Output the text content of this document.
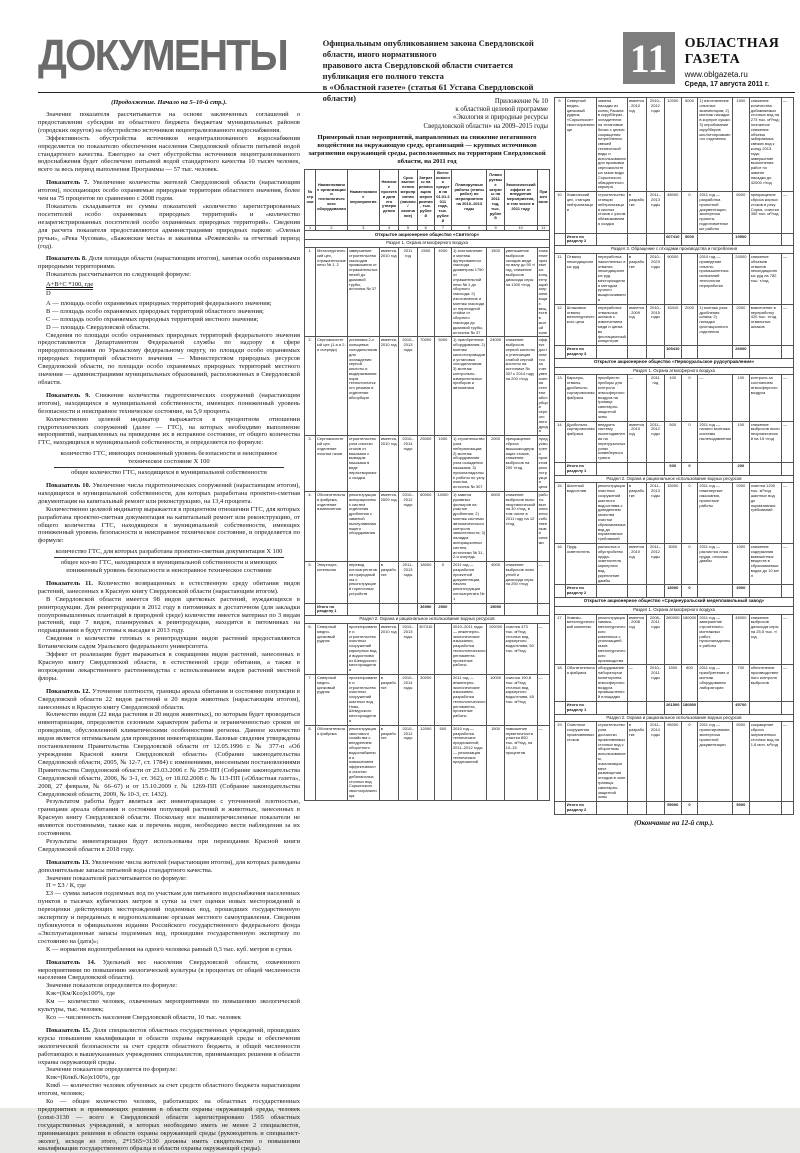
ДОКУМЕНТЫ	Официальным опубликованием закона Свердловской области, иного нормативного
правового акта Свердловской области считается публикация его полного текста
в «Областной газете» (статья 61 Устава Свердловской области)
11	ОБЛАСТНАЯ ГАЗЕТА
www.oblgazeta.ru
Среда, 17 августа 2011 г.
(Продолжение. Начало на 5–10-й стр.).

Значение показателя рассчитывается на основе заключенных соглашений о предоставлении субсидии из областного бюджета бюджетам муниципальных районов (городских округов) на обустройство источников нецентрализованного водоснабжения.

Эффективность обустройства источников нецентрализованного водоснабжения определяется по показателю обеспечения населения Свердловской области питьевой водой стандартного качества. Ежегодно за счет обустройства источников нецентрализованного водоснабжения будет обеспечено питьевой водой стандартного качества 10 тысяч человек, всего за весь период выполнения Программы — 57 тыс. человек.

Показатель 7. Увеличение количества жителей Свердловской области (нарастающим итогом), посещающих особо охраняемые природные территории областного значения, более чем на 75 процентов по сравнению с 2008 годом.

Показатель складывается из суммы показателей «количество зарегистрированных посетителей особо охраняемых природных территорий» и «количество незарегистрированных посетителей особо охраняемых природных территорий». Сведения для расчета показателя предоставляются администрациями природных парков: «Оленьи ручьи», «Река Чусовая», «Бажовские места» и заказника «Режевской» за отчетный период (год).

Показатель 8. Доля площади области (нарастающим итогом), занятая особо охраняемыми природными территориями.

Показатель рассчитывается по следующей формуле:

А+В+С *100, где
D

А — площадь особо охраняемых природных территорий федерального значения;

В — площадь особо охраняемых природных территорий областного значения;

С — площадь особо охраняемых природных территорий местного значения;

D — площадь Свердловской области.

Сведения по площади особо охраняемых природных территорий федерального значения предоставляются Департаментом Федеральной службы по надзору в сфере природопользования по Уральскому федеральному округу, по площади особо охраняемых природных территорий областного значения — Министерством природных ресурсов Свердловской области, по площади особо охраняемых природных территорий местного значения — администрациями муниципальных образований, расположенных в Свердловской области.

Показатель 9. Снижение количества гидротехнических сооружений (нарастающим итогом), находящихся в муниципальной собственности, имеющих пониженный уровень безопасности и неисправное техническое состояние, на 5,9 процента.

Количественно целевой индикатор выражается в процентном отношении гидротехнических сооружений (далее — ГТС), на которых необходимо выполнение мероприятий, направленных на приведение их в исправное состояние, от общего количества ГТС, находящихся в муниципальной собственности, и определяется по формуле:

количество ГТС, имеющих пониженный уровень безопасности и неисправное техническое состояние Х 100
общее количество ГТС, находящихся в муниципальной собственности

Показатель 10. Увеличение числа гидротехнических сооружений (нарастающим итогом), находящихся в муниципальной собственности, для которых разработана проектно-сметная документация на капитальный ремонт или реконструкцию, на 13,4 процента.

Количественно целевой индикатор выражается в процентном отношении ГТС, для которых разработана проектно-сметная документация на капитальный ремонт или реконструкцию, от общего количества ГТС, находящихся в муниципальной собственности, имеющих пониженный уровень безопасности и неисправное техническое состояние, и определяется по формуле:

количество ГТС, для которых разработана проектно-сметная документация Х 100
общее кол-во ГТС, находящихся в муниципальной собственности и имеющих пониженный уровень безопасности и неисправное техническое состояние

Показатель 11. Количество возвращенных в естественную среду обитания видов растений, занесенных в Красную книгу Свердловской области (нарастающим итогом).

В Свердловской области имеется 98 видов цветковых растений, нуждающихся в реинтродукции. Для реинтродукции в 2012 году в питомниках в достаточном (для закладки полупромышленных плантаций в природной среде) количестве имеется материал по 3 видам растений, еще 7 видов, планируемых к реинтродукции, находятся в питомниках на подращивании и будут готовы к высадке в 2013 году.

Сведения о количестве готовых к реинтродукции видов растений предоставляются Ботаническим садом Уральского федерального университета.

Эффект от реализации будет выражаться в сокращении видов растений, занесенных в Красную книгу Свердловской области, в естественной среде обитания, а также в возрождении лекарственного растениеводства с использованием видов растений местной флоры.

Показатель 12. Уточнение плотности, границы ареала обитания и состояние популяции в Свердловской области 22 видов растений и 20 видов животных (нарастающим итогом), занесенных в Красную книгу Свердловской области.

Количество видов (22 вида растения и 20 видов животных), по которым будет проводиться инвентаризация, определяется сезонным характером работы и ограниченностью сроков ее проведения, обусловленной климатическими особенностями региона. Данное количество видов является оптимальным для проведения инвентаризации. Базовые сведения утверждены постановлением Правительства Свердловской области от 12.05.1996 г. № 377-п «Об учреждении Красной книги Свердловской области» (Собрание законодательства Свердловской области, 2005, № 12-7, ст. 1784) с изменениями, внесенными постановлениями Правительства Свердловской области от 23.03.2006 г. № 259-ПП (Собрание законодательства Свердловской области, 2006, № 3-1, ст. 362), от 18.02.2008 г. № 113-ПП («Областная газета», 2008, 27 февраля, № 66–67) и от 15.10.2009 г. № 1269-ПП (Собрание законодательства Свердловской области, 2009, № 10-3, ст. 1432).

Результатом работы будет являться акт инвентаризации с уточненной плотностью, границами ареала обитания и состояния популяций растений и животных, занесенных в Красную книгу Свердловской области. Поскольку все вышеперечисленные показатели не являются постоянными, также как и перечень видов, необходимо вести наблюдения за их состоянием.

Результаты инвентаризации будут использованы при переиздании Красной книги Свердловской области в 2018 году.

Показатель 13. Увеличение числа жителей (нарастающим итогом), для которых разведаны дополнительные запасы питьевой воды стандартного качества.

Значение показателей рассчитывается по формуле:

П = ΣЗ / К, где

ΣЗ — сумма запасов подземных вод по участкам для питьевого водоснабжения населенных пунктов в тысячах кубических метров в сутки за счет оценки новых месторождений и переоценки действующих месторождений подземных вод, прошедших государственную экспертизу и переданных в недропользование органам местного самоуправления. Сведения публикуются в официальном издании Российского государственного федерального фонда «Эксплуатационные запасы подземных вод, прошедшие государственную экспертизу по состоянию на (дата)»;

К — норматив водопотребления на одного человека равный 0,3 тыс. куб. метров в сутки.

Показатель 14. Удельный вес населения Свердловской области, охваченного мероприятиями по повышению экологической культуры (в процентах от общей численности населения Свердловской области).

Значение показателя определяется по формуле:

Кэк=(Км/Ксо)х100%, где

Км — количество человек, охваченных мероприятиями по повышению экологической культуры, тыс. человек;

Ксо — численность населения Свердловской области, 10 тыс. человек

Показатель 15. Доля специалистов областных государственных учреждений, прошедших курсы повышения квалификации в области охраны окружающей среды и обеспечения экологической безопасности за счет средств областного бюджета, в общей численности работающих в вышеуказанных учреждениях специалистов, принимающих решения в области охраны окружающей среды.

Значение показателя определяется по формуле:

Кпк=(Кпкб./Ко)х100%, где

Кпкб — количество человек обученных за счет средств областного бюджета нарастающим итогом, человек;

Ко — общее количество человек, работающих на областных государственных предприятиях и принимающих решения в области охраны окружающей среды, человек (const-3130 — всего в Свердловской области зарегистрировано 1565 областных государственных учреждений, в которых необходимо иметь не менее 2 специалистов, принимающих решения в области охраны окружающей среды (руководитель и специалист-эколог), исходя из этого, 2*1565=3130 должны иметь свидетельство о повышении квалификации государственного образца в области охраны окружающей среды).

Приложение № 10
к областной целевой программе
«Экология и природные ресурсы
Свердловской области» на 2009–2015 годы
Примерный план мероприятий, направленных на снижение негативного воздействия на окружающую среду, организаций — крупных источников загрязнения окружающей среды, расположенных на территории Свердловской области, на 2011 год
№ строки	Наименование организации и технологического оборудования	Наименование мероприятия	Наличие проекта и дата его утверждения	Срок выполнения мероприятия (начало/окончание)	Затраты на реализацию мероприятия, тыс. рублей	Всего освоено средств на 01.01.2011 года, тыс. рублей	Планируемые работы (этапы работ) по мероприятию на 2010–2013 годы	Планируемые затраты на 2011 год, тыс. рублей	Экологический эффект от внедрения мероприятия, в том числе в 2011 году	Примечание
1	2	3	4	5	6	7	8	9	10	11
Открытое акционерное общество «Святогор»										
Раздел 1. Охрана атмосферного воздуха										
1.	Металлургический цех, отражательные печи № 1, 2	завершение строительства газоходов примыкания от отражательных печей до дымовой трубы, источник № 37	имеется, 2010 год	2011 год	2500	4000	1) изготовление и монтаж футерованного газохода диаметром 1750 от отражательной печи № 1 до сборного газохода; 2) изготовление и монтаж газохода от переходной стойки от сборного газохода до дымовой трубы, источник № 37	1500	уменьшение выбросов оксидов меди по валу до 90 т/год, снижение выбросов диоксида серы на 1300 т/год	снижение приземных концентраций загрязняющих веществ в жилой зоне
2.	Сернокислотный цех (1-я и 2-я очереди)	установка 2-х кольцевых холодильников для охлаждения серной кислоты и выдерживания норм технологического режима в отделении абсорбции	имеется, 2010 год	2010–2013 годы	70000	5000	1) приобретение оборудования; 2) монтаж кислотопроводов и установка холодильников; 3) монтаж контрольно-измерительных приборов и автоматики	24000	снижение выбросов серной кислоты и утилизация слабой серной кислоты на источнике № 307 к 2014 году на 200 т/год	эффект достигается за счет увеличения степени абсорбции серного ангидрида
3.	Сернокислотный цех, отделение очистки газов	строительство узла очистки стоков от мышьяка с выводом мышьяка в виде нерастворимого осадка	имеется, 2010 год	2010–2014 годы	25000	1000	1) строительство узла нейтрализации; 2) монтаж оборудования узла осаждения мышьяка; 3) пусконаладочные работы по узлу очистки, источник № 307	2000	прекращение сброса мышьяксодержащих стоков, снижение выбросов на 200 т/год	предусмотрено проектом реконструкции цеха
4.	Обогатительная фабрика, отделение измельчения	реконструкция аспирационных систем отделения дробления с заменой пылеулавливающего оборудования	имеется, 2009 год	2010–2012 годы	60000	14000	1) замена рукавных фильтров на участке дробления; 2) монтаж системы автоматического контроля запыленности; 3) наладка аспирационных систем, источники № 31, 2-я очередь	6000	снижение выбросов пыли неорганической на 30 т/год, в том числе в 2011 году на 12 т/год	работы выполняются собственными силами
5.	Энергоцех, котельная	перевод котлоагрегатов на природный газ с реконструкцией горелочных устройств	в разработке	2011–2013 годы	18000	0	2011 год — разработка проектной документации, начало реконструкции котлоагрегата № 1	4000	снижение выбросов золы углей и диоксида серы на 250 т/год	—
	Итого по разделу 1				36950	2500		15050		
Раздел 2. Охрана и рациональное использование водных ресурсов										
6.	Северный медно-цинковый рудник	проектирование и строительство очистных сооружений карьерных вод и водоотлива из Шемурского месторождения	имеется, 2010 год	2010–2013 годы	307410		2010–2011 годы — инженерно-экологические изыскания, разработка технологического регламента, проектные работы	100000	очистка 473 тыс. м³/год сточных вод карьерного водоотлива, 50 тыс. м³/год	—
7.	Северный медно-цинковый рудник	проектирование и строительство очистных сооружений шахтных вод Ново-Шемурского месторождения	в разработке	2010–2014 годы	30000		2011 год — инженерно-экологические изыскания, разработка технологического регламента, проектные работы	10000	очистка 190,8 тыс. м³/год сточных вод карьерного водоотлива, 45 тыс. м³/год	—
8.	Обогатительная фабрика	реконструкция хвостового хозяйства с внедрением оборотного водоснабжения и повышением эффективности очистки дебалансных сточных вод Сорьинского хвостохранилища	в разработке	2010–2012 годы	12000	500	2010 год — разработка технических предложений; 2011–2012 годы — реализация технических предложений	1500	повышение герметичности участка 800 тыс. м³/год, на 10–15 процентов	—
9.	Северный медно-цинковый рудник, «Сорьинское» хвостохранилище	замена насадки из колец Рашига в скрубберах-охладителях на титановые блоки с целью сокращения потребления свежей технической воды и использования для промывки сернокислотных газов воды Сорьинского обводненного карьера	имеется, 2010 год	2010–2012 годы	12000	5000	1) изготовление опытных экземпляров; 2) монтаж насадки в корпусе сушки; 3) опробование скрубберов кислотопромывного отделения	1500	снижение количества добавляемых сточных вод на 273 тыс. м³/год; поэтапное снижение объема забираемых свежих вод к концу 2013 года; завершение выполнения работ по замене насадки до 42000 т/год	—
10.	Химический цех, станция нейтрализации	строительство станции нейтрализации кислых стоков с узлом обезвоживания осадка	в разработке	2011–2013 годы	48000	0	2011 год — разработка проектной документации, экспертиза проекта, подготовительные работы	6000	прекращение сброса кислых стоков в реку Сорья, очистка 350 тыс. м³/год	—
	Итого по разделу 2				607410	5000		19500		
Раздел 3. Обращение с отходами производства и потребления										
11.	Отвалы некондиционных руд	переработка накопленных в отвалах некондиционных руд месторождения методом кучного выщелачивания	в разработке	2010–2023 годы	90000		2010 год — проведение опытно-промышленных испытаний технологии переработки	24000	снижение объемов отвалов некондиционных руд на 782 тыс. т/год	—
12.	Шлаковые отвалы металлургического цеха	переработка отвальных шлаков с извлечением меди и цинка во флотационный концентрат	имеется, 2009 год	2010–2015 годы	15410	2000	1) монтаж узла дробления шлака; 2) наладка флотационного отделения	2000	вовлечение в переработку 420 тыс. т/год отвальных шлаков	—
	Итого по разделу 3				105410			26000		
Открытое акционерное общество «Первоуральское рудоуправление»										
Раздел 1. Охрана атмосферного воздуха										
13.	Карьеры, отвалы, дробильно-сортировочная фабрика	приобрести приборы для контроля атмосферного воздуха на границе санитарно-защитной зоны	—	2011 год	100	0	—	100	контроль за состоянием атмосферного воздуха	—
14.	Дробильно-сортировочная фабрика	внедрить систему пылеподавления на перегрузочных узлах конвейерного тракта	имеется, 2010 год	2011–2012 годы	500	0	2011 год — начало монтажа системы пылеподавления	100	снижение выбросов пыли неорганической на 15 т/год	—
	Итого по разделу 1				600	0		200		
Раздел 2. Охрана и рациональное использование водных ресурсов										
15.	Шахтный водоотлив	реконструкция очистных сооружений шахтного водоотлива с доведением качества очистки сбрасываемых вод до нормативных требований	в разработке	2011–2013 годы	15000	0	2011 год — инженерные изыскания, проектные работы	2000	очистка 1200 тыс. м³/год шахтных вод до нормативных требований	—
16.	Пруд-осветлитель	расчистка и обустройство пруда-осветлителя карьерных вод, укрепление дамбы	имеется, 2010 год	2011–2012 годы	3000	0	2011 год — расчистка ложа пруда, отсыпка дамбы	1000	снижение содержания взвешенных веществ в сбрасываемых водах до 10 мг/л	—
	Итого по разделу 2				18000	0		3000		
Открытое акционерное общество «Среднеуральский медеплавильный завод»										
Раздел 1. Охрана атмосферного воздуха										
17.	Химико-металлургический комплекс	реконструкция химико-металлургического комплекса с утилизацией газов металлургического производства	имеется, 2008 год	2008–2011 годы	260000	180000	2011 год — завершение строительно-монтажных работ, пусконаладочные работы	45000	снижение выбросов диоксида серы на 25,5 тыс. т/год	—
18.	Обогатительная фабрика	оборудование лаборатории мониторинга атмосферного воздуха промышленной площадки	—	2010–2011 годы	1500	800	2011 год — приобретение и монтаж оборудования лаборатории	700	обеспечение производственного контроля выбросов	—
	Итого по разделу 1				261500	180800		45700		
Раздел 2. Охрана и рациональное использование водных ресурсов										
19.	Очистные сооружения промливневых стоков	строительство узла доочистки промливневых сточных вод с оборотным использованием, локализация мест размещения отходов в зоне границы санитарно-защитной зоны	в разработке	2011–2014 годы	95000	0	2011 год — проектирование, экспертиза проектной документации	5000	сокращение сброса загрязненных сточных вод на 1,8 млн. м³/год	—
	Итого по разделу 2				95000	0		5000		
(Окончание на 12-й стр.).
